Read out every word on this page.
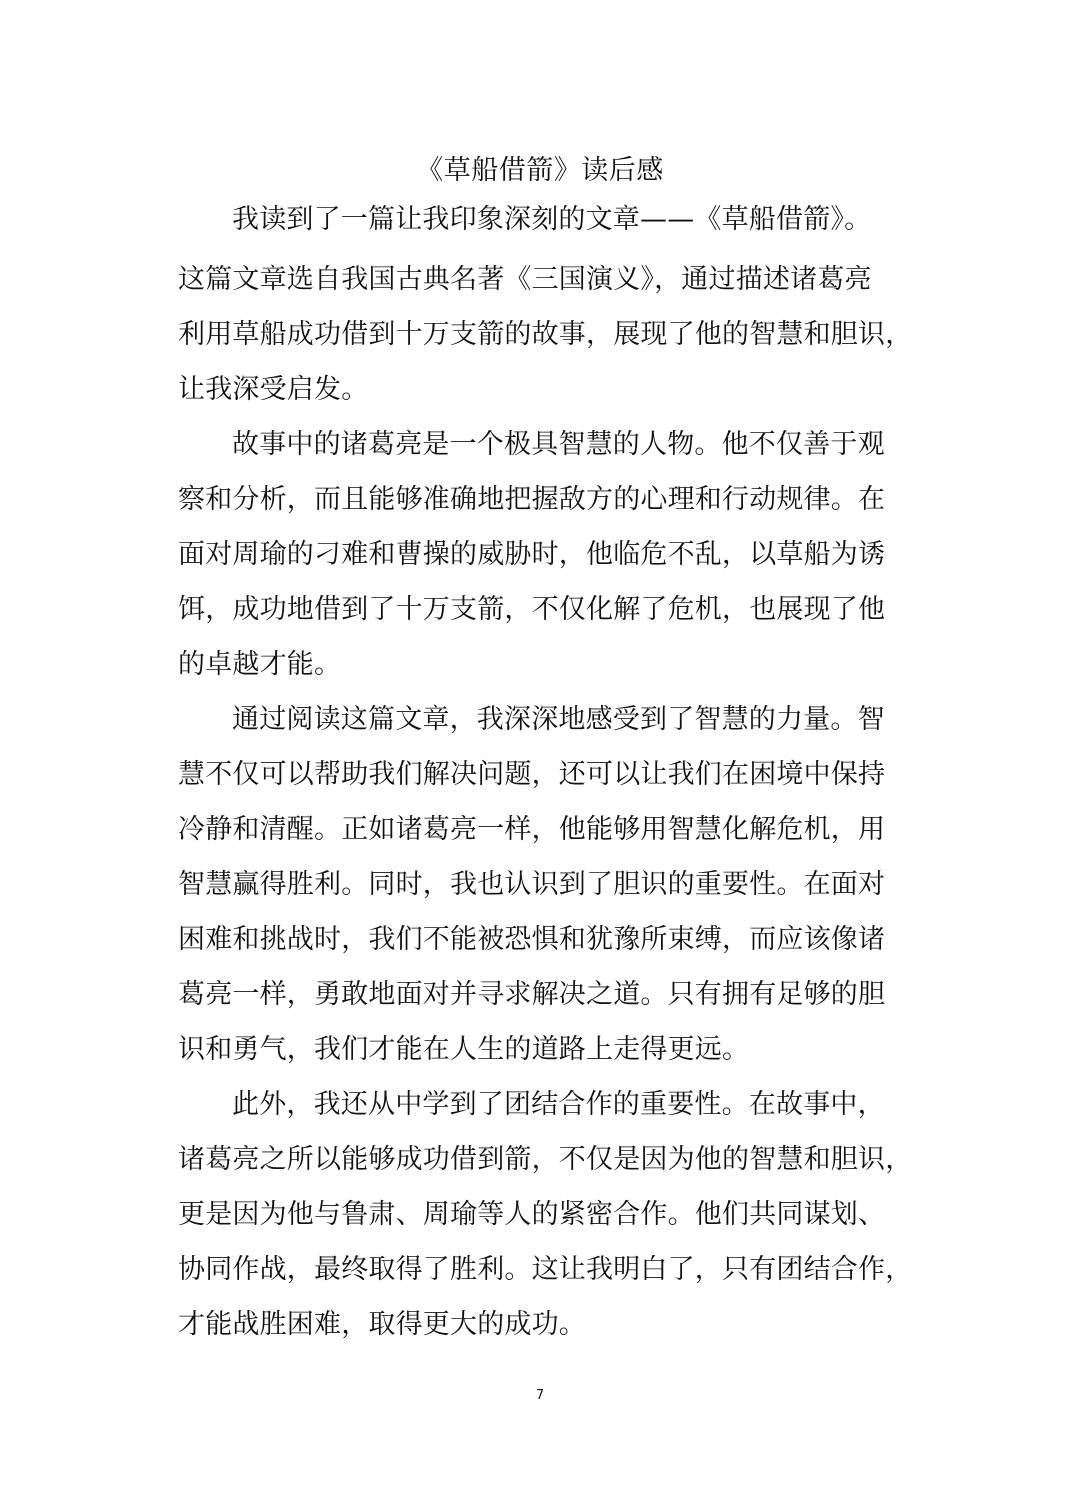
《草船借箭》读后感
我读到了一篇让我印象深刻的文章——《草船借箭》。
这篇文章选自我国古典名著《三国演义》，通过描述诸葛亮
利用草船成功借到十万支箭的故事，展现了他的智慧和胆识，
让我深受启发。
故事中的诸葛亮是一个极具智慧的人物。他不仅善于观
察和分析，而且能够准确地把握敌方的心理和行动规律。在
面对周瑜的刁难和曹操的威胁时，他临危不乱，以草船为诱
饵，成功地借到了十万支箭，不仅化解了危机，也展现了他
的卓越才能。
通过阅读这篇文章，我深深地感受到了智慧的力量。智
慧不仅可以帮助我们解决问题，还可以让我们在困境中保持
冷静和清醒。正如诸葛亮一样，他能够用智慧化解危机，用
智慧赢得胜利。同时，我也认识到了胆识的重要性。在面对
困难和挑战时，我们不能被恐惧和犹豫所束缚，而应该像诸
葛亮一样，勇敢地面对并寻求解决之道。只有拥有足够的胆
识和勇气，我们才能在人生的道路上走得更远。
此外，我还从中学到了团结合作的重要性。在故事中，
诸葛亮之所以能够成功借到箭，不仅是因为他的智慧和胆识，
更是因为他与鲁肃、周瑜等人的紧密合作。他们共同谋划、
协同作战，最终取得了胜利。这让我明白了，只有团结合作，
才能战胜困难，取得更大的成功。
7
